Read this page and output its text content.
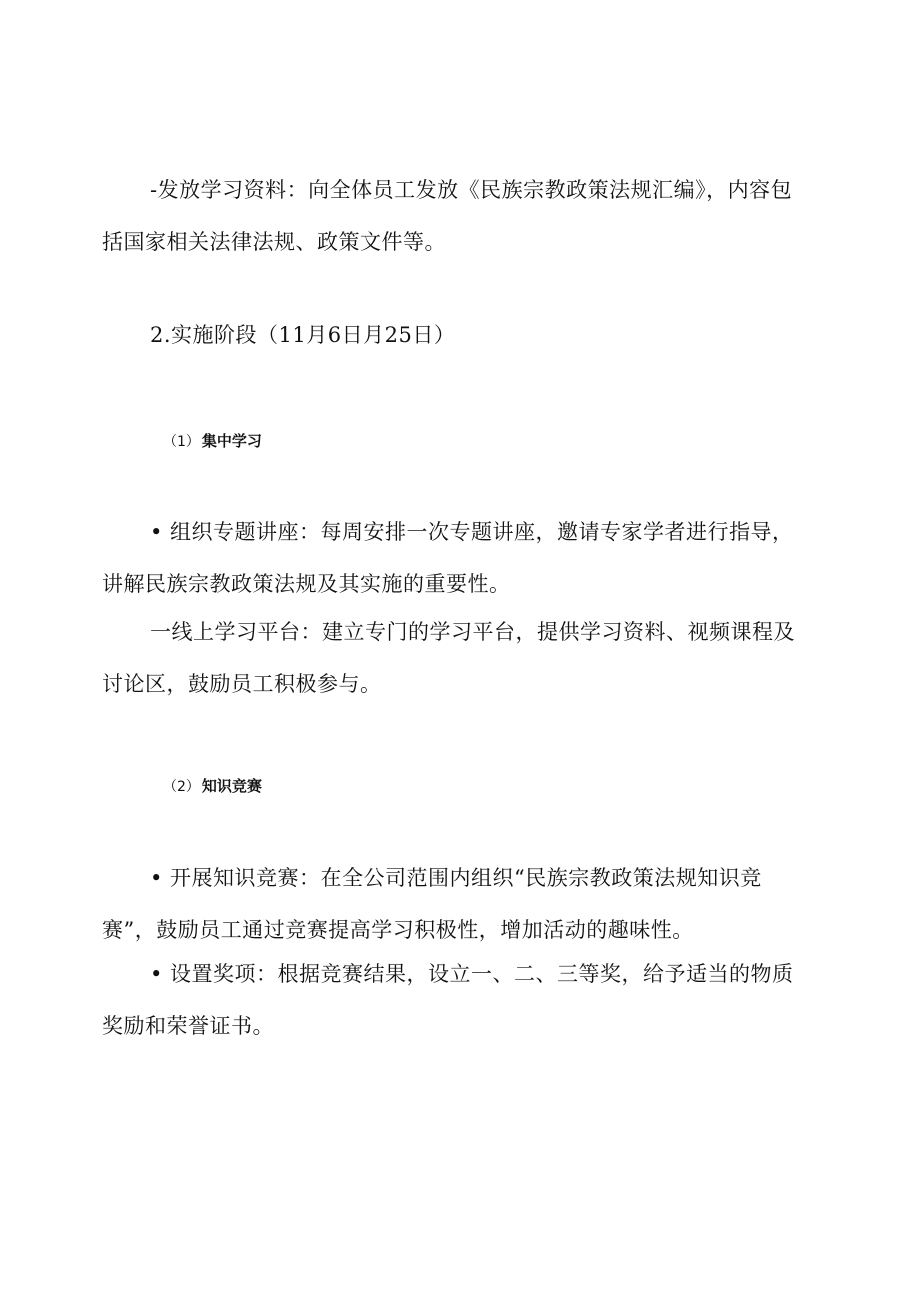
-发放学习资料：向全体员工发放《民族宗教政策法规汇编》，内容包括国家相关法律法规、政策文件等。

2.实施阶段（11月6日月25日）

（1） 集中学习

• 组织专题讲座：每周安排一次专题讲座，邀请专家学者进行指导，讲解民族宗教政策法规及其实施的重要性。

一线上学习平台：建立专门的学习平台，提供学习资料、视频课程及讨论区，鼓励员工积极参与。

（2） 知识竞赛

• 开展知识竞赛：在全公司范围内组织“民族宗教政策法规知识竞赛”，鼓励员工通过竞赛提高学习积极性，增加活动的趣味性。

• 设置奖项：根据竞赛结果，设立一、二、三等奖，给予适当的物质奖励和荣誉证书。
